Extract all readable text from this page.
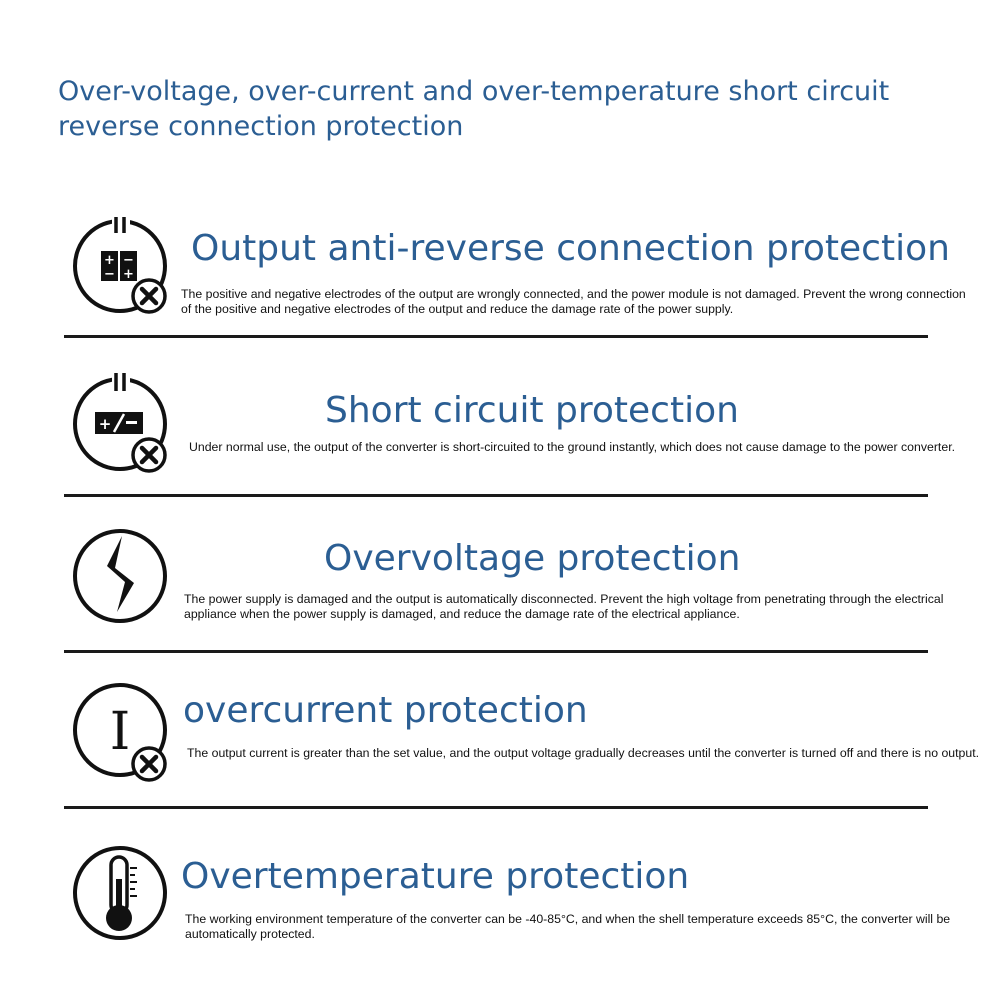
Over-voltage, over-current and over-temperature short circuit reverse connection protection
+
−
−
+
Output anti-reverse connection protection
The positive and negative electrodes of the output are wrongly connected, and the power module is not damaged. Prevent the wrong connection of the positive and negative electrodes of the output and reduce the damage rate of the power supply.
+	Short circuit protection
Under normal use, the output of the converter is short-circuited to the ground instantly, which does not cause damage to the power converter.
Overvoltage protection
The power supply is damaged and the output is automatically disconnected. Prevent the high voltage from penetrating through the electrical appliance when the power supply is damaged, and reduce the damage rate of the electrical appliance.
I overcurrent protection
The output current is greater than the set value, and the output voltage gradually decreases until the converter is turned off and there is no output.
Overtemperature protection
The working environment temperature of the converter can be -40-85°C, and when the shell temperature exceeds 85°C, the converter will be automatically protected.
